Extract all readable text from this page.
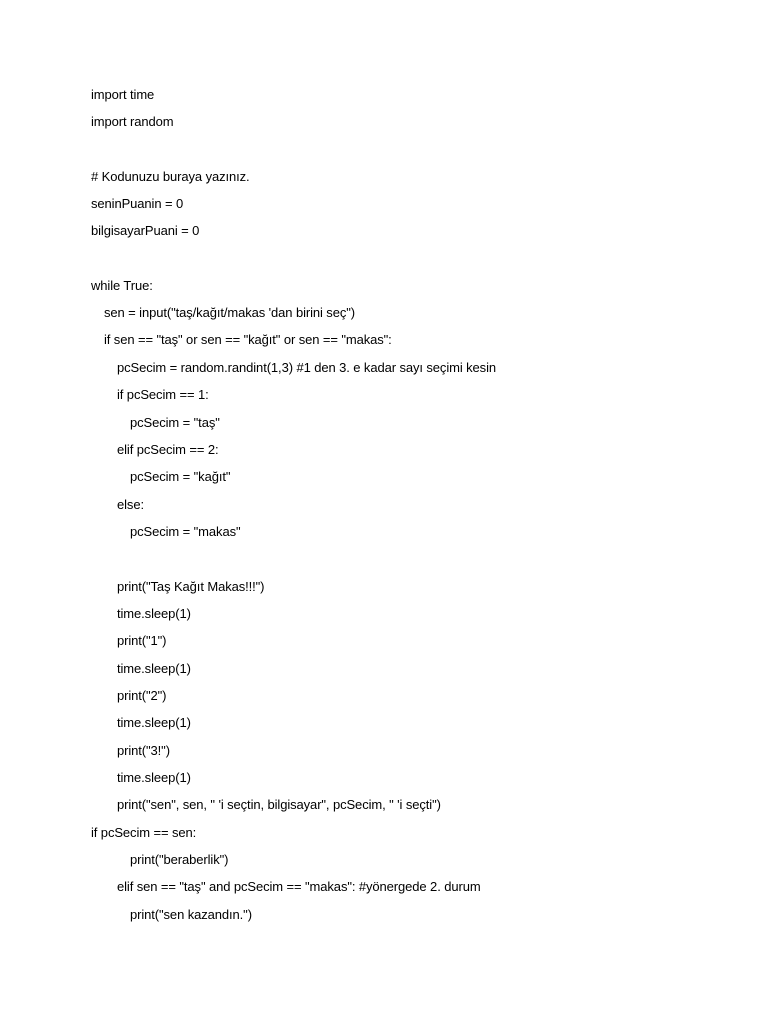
import time
import random
# Kodunuzu buraya yazınız.
seninPuanin = 0
bilgisayarPuani = 0
while True:
sen = input("taş/kağıt/makas 'dan birini seç")
if sen == "taş" or sen == "kağıt" or sen == "makas":
pcSecim = random.randint(1,3) #1 den 3. e kadar sayı seçimi kesin
if pcSecim == 1:
pcSecim = "taş"
elif pcSecim == 2:
pcSecim = "kağıt"
else:
pcSecim = "makas"
print("Taş Kağıt Makas!!!")
time.sleep(1)
print("1")
time.sleep(1)
print("2")
time.sleep(1)
print("3!")
time.sleep(1)
print("sen", sen, " 'i seçtin, bilgisayar", pcSecim, " 'i seçti")
if pcSecim == sen:
print("beraberlik")
elif sen == "taş" and pcSecim == "makas": #yönergede 2. durum
print("sen kazandın.")
